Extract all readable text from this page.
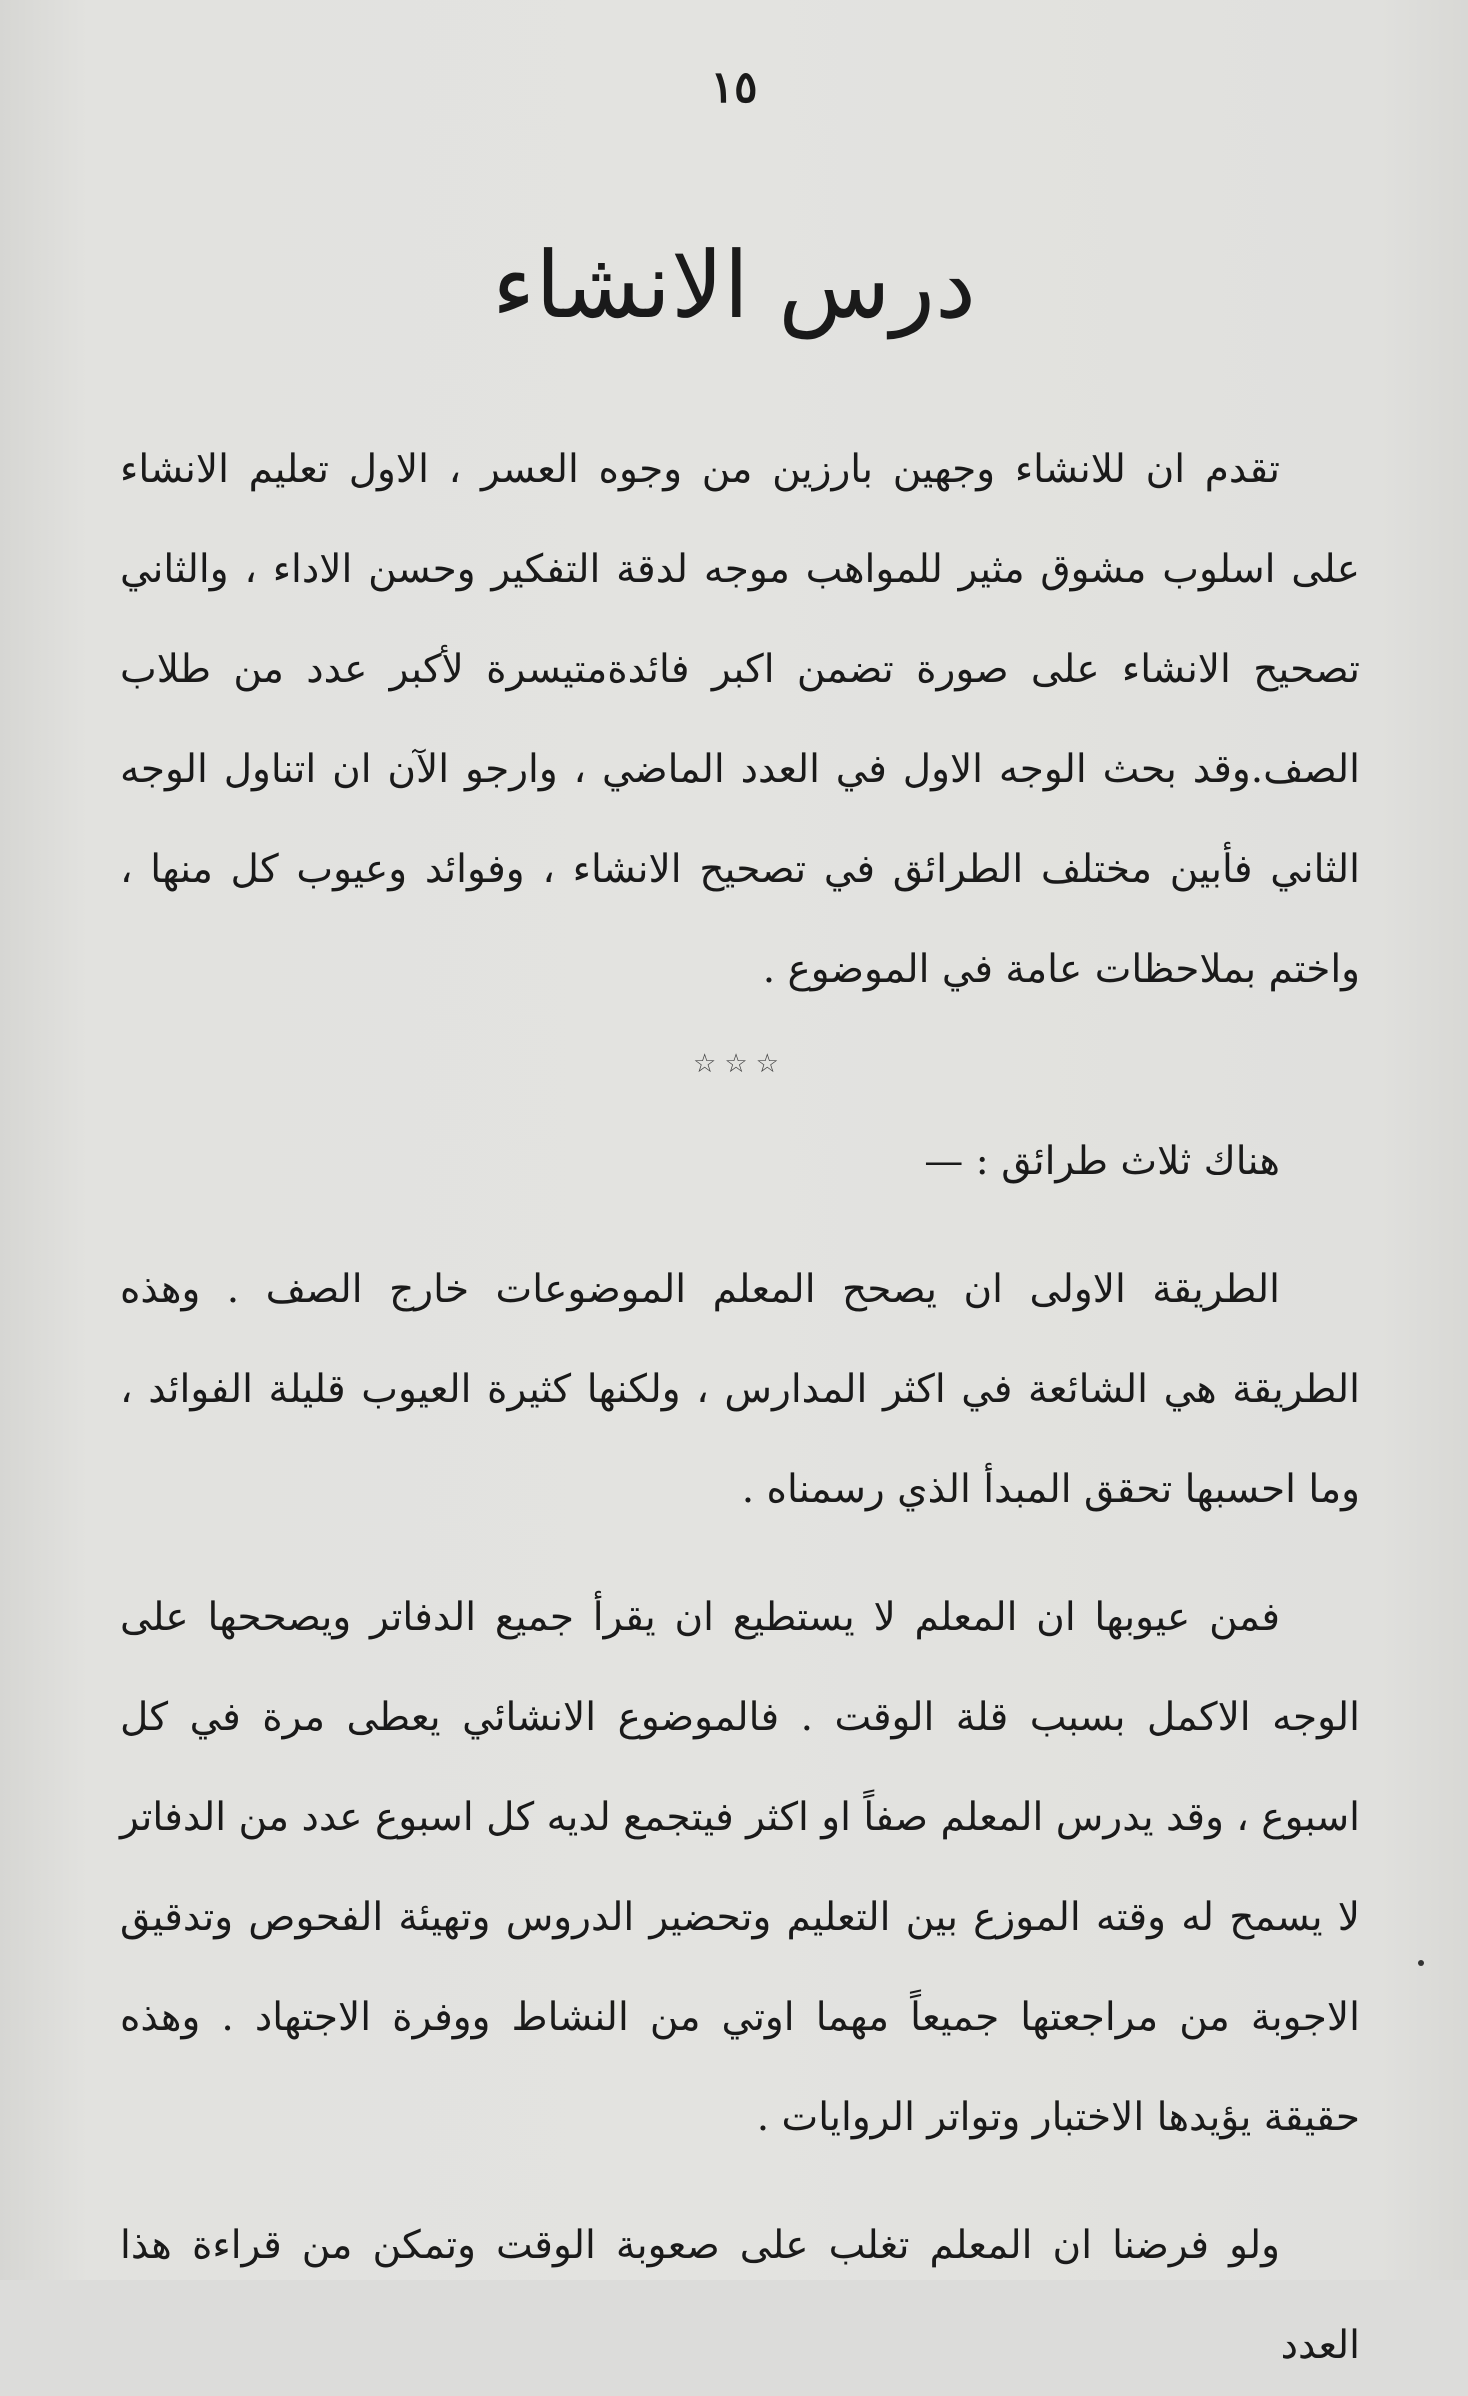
١٥
درس الانشاء

تقدم ان للانشاء وجهين بارزين من وجوه العسر ، الاول تعليم الانشاء على اسلوب مشوق مثير للمواهب موجه لدقة التفكير وحسن الاداء ، والثاني تصحيح الانشاء على صورة تضمن اكبر فائدةمتيسرة لأكبر عدد من طلاب الصف.وقد بحث الوجه الاول في العدد الماضي ، وارجو الآن ان اتناول الوجه الثاني فأبين مختلف الطرائق في تصحيح الانشاء ، وفوائد وعيوب كل منها ، واختم بملاحظات عامة في الموضوع .

☆☆☆

هناك ثلاث طرائق : —

الطريقة الاولى ان يصحح المعلم الموضوعات خارج الصف . وهذه الطريقة هي الشائعة في اكثر المدارس ، ولكنها كثيرة العيوب قليلة الفوائد ، وما احسبها تحقق المبدأ الذي رسمناه .

فمن عيوبها ان المعلم لا يستطيع ان يقرأ جميع الدفاتر ويصححها على الوجه الاكمل بسبب قلة الوقت . فالموضوع الانشائي يعطى مرة في كل اسبوع ، وقد يدرس المعلم صفاً او اكثر فيتجمع لديه كل اسبوع عدد من الدفاتر لا يسمح له وقته الموزع بين التعليم وتحضير الدروس وتهيئة الفحوص وتدقيق الاجوبة من مراجعتها جميعاً مهما اوتي من النشاط ووفرة الاجتهاد . وهذه حقيقة يؤيدها الاختبار وتواتر الروايات .

ولو فرضنا ان المعلم تغلب على صعوبة الوقت وتمكن من قراءة هذا العدد
